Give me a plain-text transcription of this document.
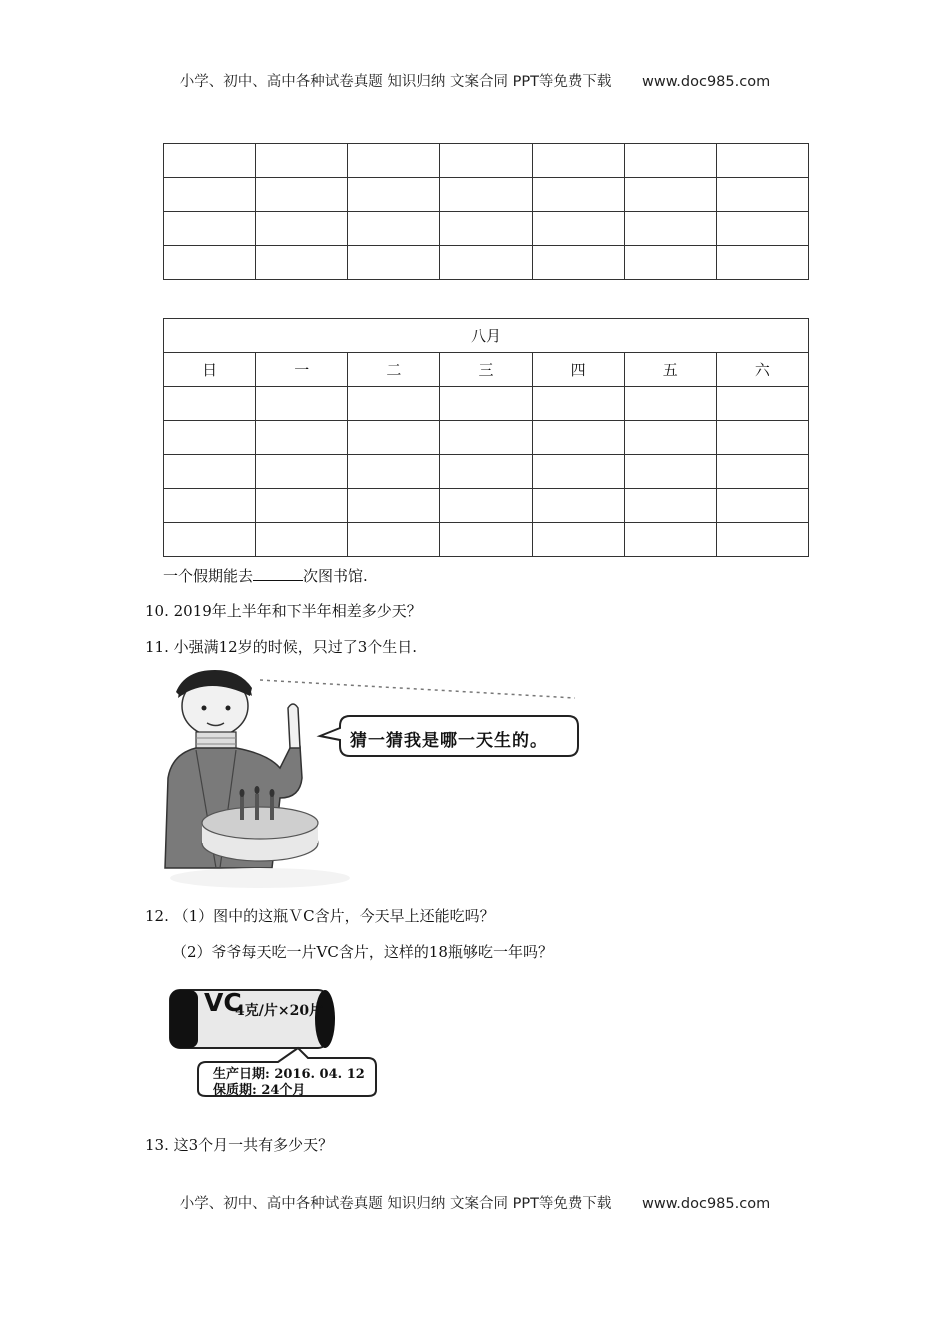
小学、初中、高中各种试卷真题 知识归纳 文案合同 PPT等免费下载 www.doc985.com

八月						
日	一	二	三	四	五	六

一个假期能去	次图书馆.
10. 2019年上半年和下半年相差多少天？
11. 小强满12岁的时候，只过了3个生日.
猜一猜我是哪一天生的。
12. （1）图中的这瓶ＶC含片，今天早上还能吃吗？
（2）爷爷每天吃一片VC含片，这样的18瓶够吃一年吗？
VC
4克/片×20片
生产日期: 2016. 04. 12
保质期: 24个月
13. 这3个月一共有多少天？
小学、初中、高中各种试卷真题 知识归纳 文案合同 PPT等免费下载 www.doc985.com
